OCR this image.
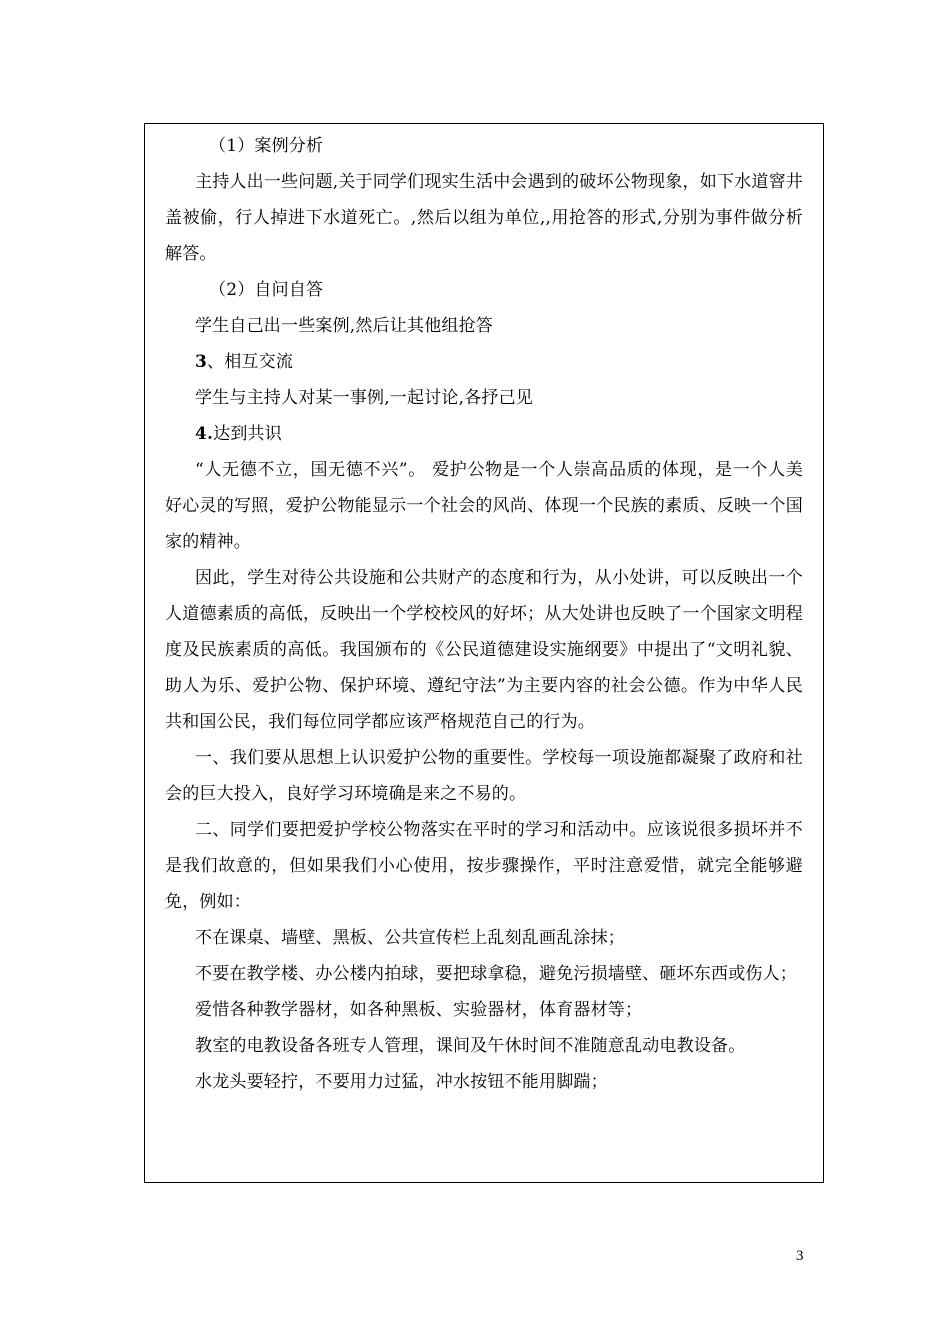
（1）案例分析

主持人出一些问题,关于同学们现实生活中会遇到的破坏公物现象，如下水道窨井盖被偷，行人掉进下水道死亡。,然后以组为单位,,用抢答的形式,分别为事件做分析解答。

（2）自问自答

学生自己出一些案例,然后让其他组抢答

3、相互交流

学生与主持人对某一事例,一起讨论,各抒己见

4.达到共识

“人无德不立，国无德不兴”。 爱护公物是一个人崇高品质的体现，是一个人美好心灵的写照，爱护公物能显示一个社会的风尚、体现一个民族的素质、反映一个国家的精神。

因此，学生对待公共设施和公共财产的态度和行为，从小处讲，可以反映出一个人道德素质的高低，反映出一个学校校风的好坏；从大处讲也反映了一个国家文明程度及民族素质的高低。我国颁布的《公民道德建设实施纲要》中提出了“文明礼貌、助人为乐、爱护公物、保护环境、遵纪守法”为主要内容的社会公德。作为中华人民共和国公民，我们每位同学都应该严格规范自己的行为。

一、我们要从思想上认识爱护公物的重要性。学校每一项设施都凝聚了政府和社会的巨大投入，良好学习环境确是来之不易的。

二、同学们要把爱护学校公物落实在平时的学习和活动中。应该说很多损坏并不是我们故意的，但如果我们小心使用，按步骤操作，平时注意爱惜，就完全能够避免，例如：

不在课桌、墙壁、黑板、公共宣传栏上乱刻乱画乱涂抹；

不要在教学楼、办公楼内拍球，要把球拿稳，避免污损墙壁、砸坏东西或伤人；

爱惜各种教学器材，如各种黑板、实验器材，体育器材等；

教室的电教设备各班专人管理，课间及午休时间不准随意乱动电教设备。

水龙头要轻拧，不要用力过猛，冲水按钮不能用脚踹；

3
